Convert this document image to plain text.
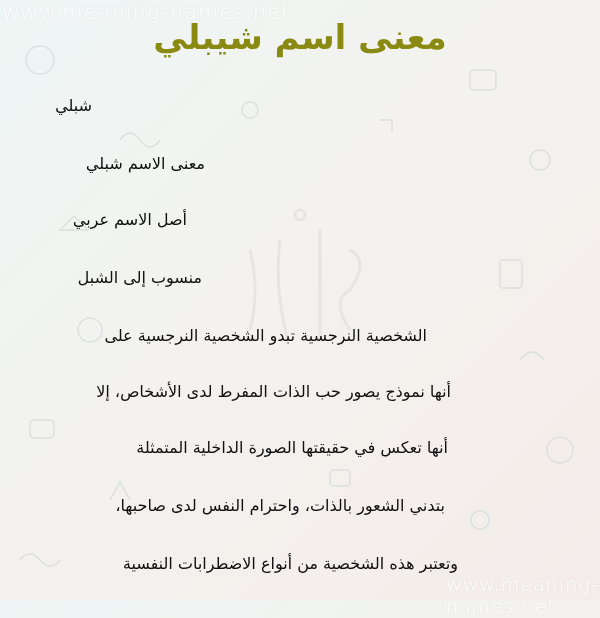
www.meaning-names.net
www.meaning-names.net
معنى اسم شيبلي
شبلي
معنى الاسم شبلي
أصل الاسم عربي
منسوب إلى الشبل
الشخصية النرجسية تبدو الشخصية النرجسية على
أنها نموذج يصور حب الذات المفرط لدى الأشخاص، إلا
أنها تعكس في حقيقتها الصورة الداخلية المتمثلة
بتدني الشعور بالذات، واحترام النفس لدى صاحبها،
وتعتبر هذه الشخصية من أنواع الاضطرابات النفسية
